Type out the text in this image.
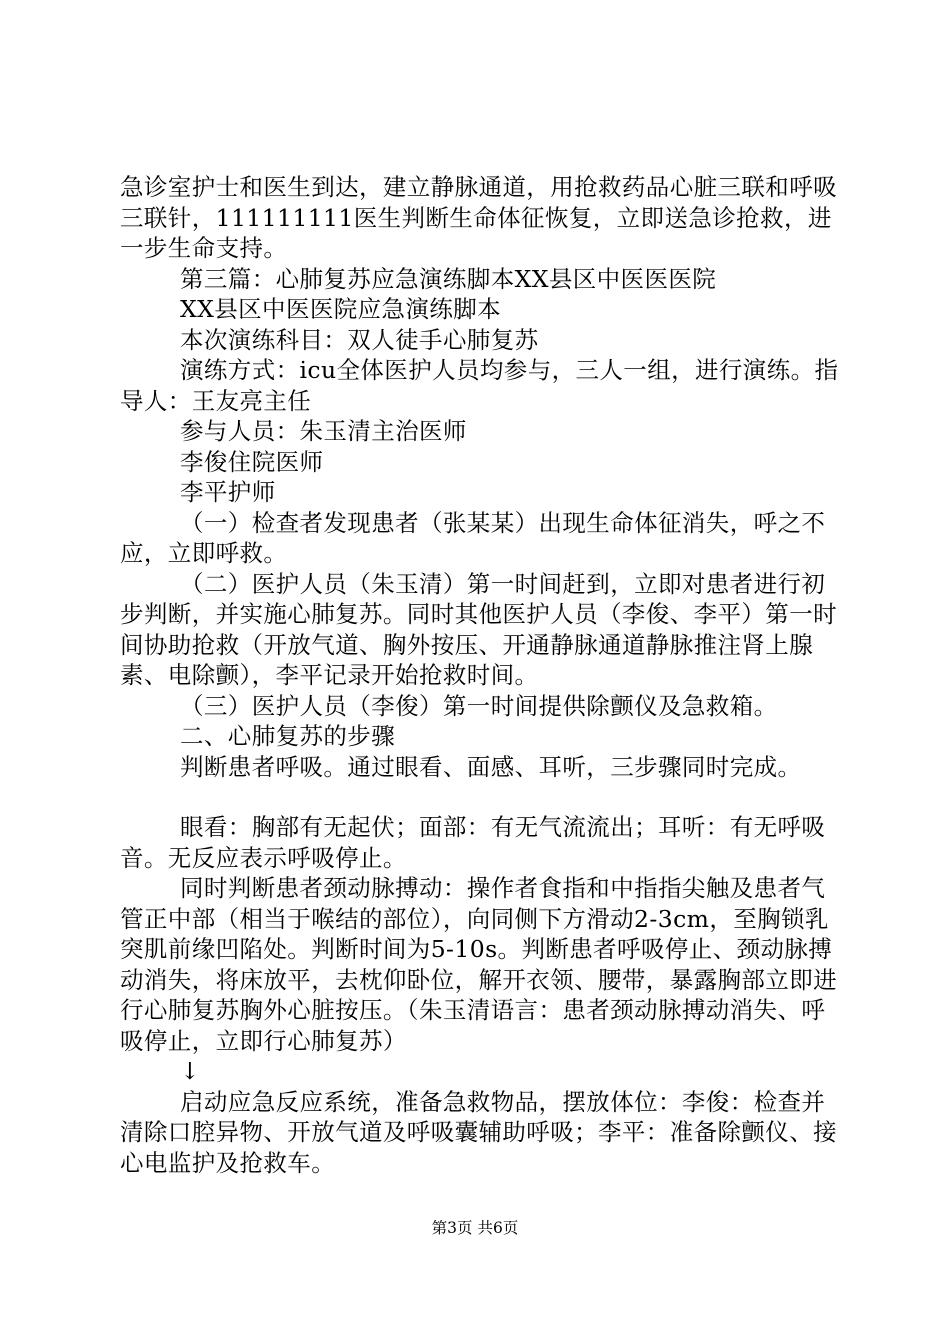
急诊室护士和医生到达，建立静脉通道，用抢救药品心脏三联和呼吸三联针，111111111医生判断生命体征恢复，立即送急诊抢救，进一步生命支持。

第三篇：心肺复苏应急演练脚本XX县区中医医医院

XX县区中医医院应急演练脚本

本次演练科目：双人徒手心肺复苏

演练方式：icu全体医护人员均参与，三人一组，进行演练。指导人：王友亮主任

参与人员：朱玉清主治医师

李俊住院医师

李平护师

（一）检查者发现患者（张某某）出现生命体征消失，呼之不应，立即呼救。

（二）医护人员（朱玉清）第一时间赶到，立即对患者进行初步判断，并实施心肺复苏。同时其他医护人员（李俊、李平）第一时间协助抢救（开放气道、胸外按压、开通静脉通道静脉推注肾上腺素、电除颤），李平记录开始抢救时间。

（三）医护人员（李俊）第一时间提供除颤仪及急救箱。

二、心肺复苏的步骤

判断患者呼吸。通过眼看、面感、耳听，三步骤同时完成。

眼看：胸部有无起伏；面部：有无气流流出；耳听：有无呼吸音。无反应表示呼吸停止。

同时判断患者颈动脉搏动：操作者食指和中指指尖触及患者气管正中部（相当于喉结的部位），向同侧下方滑动2-3cm，至胸锁乳突肌前缘凹陷处。判断时间为5-10s。判断患者呼吸停止、颈动脉搏动消失，将床放平，去枕仰卧位，解开衣领、腰带，暴露胸部立即进行心肺复苏胸外心脏按压。（朱玉清语言：患者颈动脉搏动消失、呼吸停止，立即行心肺复苏）

↓

启动应急反应系统，准备急救物品，摆放体位：李俊：检查并清除口腔异物、开放气道及呼吸囊辅助呼吸；李平：准备除颤仪、接心电监护及抢救车。

第3页 共6页
